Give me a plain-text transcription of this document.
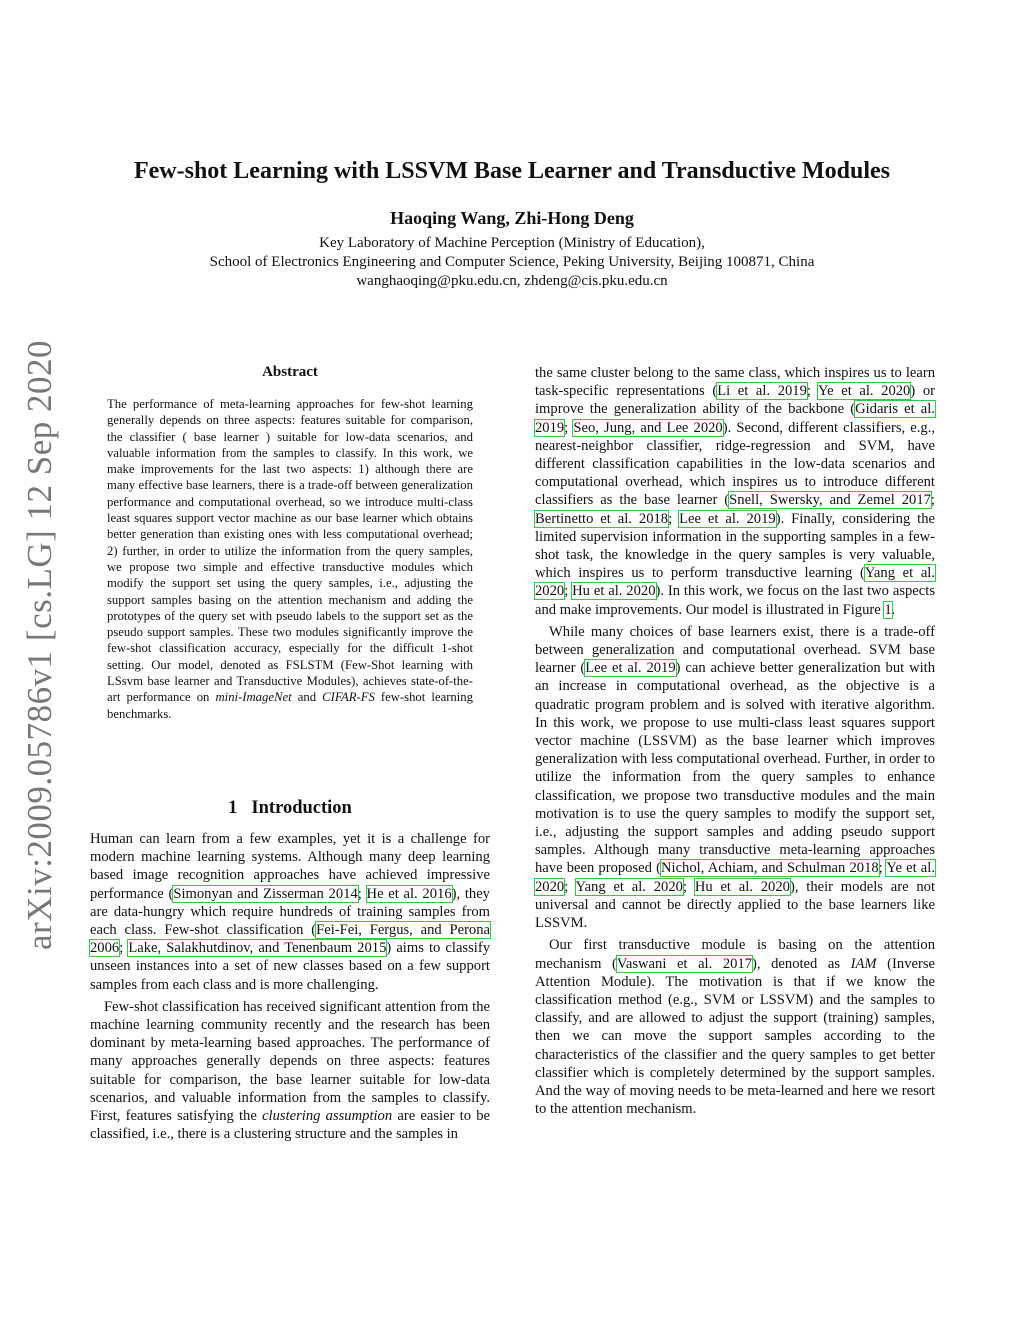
arXiv:2009.05786v1 [cs.LG] 12 Sep 2020
Few-shot Learning with LSSVM Base Learner and Transductive Modules
Haoqing Wang, Zhi-Hong Deng
Key Laboratory of Machine Perception (Ministry of Education),
School of Electronics Engineering and Computer Science, Peking University, Beijing 100871, China
wanghaoqing@pku.edu.cn, zhdeng@cis.pku.edu.cn
Abstract
The performance of meta-learning approaches for few-shot learning generally depends on three aspects: features suitable for comparison, the classifier ( base learner ) suitable for low-data scenarios, and valuable information from the samples to classify. In this work, we make improvements for the last two aspects: 1) although there are many effective base learners, there is a trade-off between generalization performance and computational overhead, so we introduce multi-class least squares support vector machine as our base learner which obtains better generation than existing ones with less computational overhead; 2) further, in order to utilize the information from the query samples, we propose two simple and effective transductive modules which modify the support set using the query samples, i.e., adjusting the support samples basing on the attention mechanism and adding the prototypes of the query set with pseudo labels to the support set as the pseudo support samples. These two modules significantly improve the few-shot classification accuracy, especially for the difficult 1-shot setting. Our model, denoted as FSLSTM (Few-Shot learning with LSsvm base learner and Transductive Modules), achieves state-of-the-art performance on mini-ImageNet and CIFAR-FS few-shot learning benchmarks.
1 Introduction

Human can learn from a few examples, yet it is a challenge for modern machine learning systems. Although many deep learning based image recognition approaches have achieved impressive performance (Simonyan and Zisserman 2014; He et al. 2016), they are data-hungry which require hundreds of training samples from each class. Few-shot classification (Fei-Fei, Fergus, and Perona 2006; Lake, Salakhutdinov, and Tenenbaum 2015) aims to classify unseen instances into a set of new classes based on a few support samples from each class and is more challenging.

Few-shot classification has received significant attention from the machine learning community recently and the research has been dominant by meta-learning based approaches. The performance of many approaches generally depends on three aspects: features suitable for comparison, the base learner suitable for low-data scenarios, and valuable information from the samples to classify. First, features satisfying the clustering assumption are easier to be classified, i.e., there is a clustering structure and the samples in

the same cluster belong to the same class, which inspires us to learn task-specific representations (Li et al. 2019; Ye et al. 2020) or improve the generalization ability of the backbone (Gidaris et al. 2019; Seo, Jung, and Lee 2020). Second, different classifiers, e.g., nearest-neighbor classifier, ridge-regression and SVM, have different classification capabilities in the low-data scenarios and computational overhead, which inspires us to introduce different classifiers as the base learner (Snell, Swersky, and Zemel 2017; Bertinetto et al. 2018; Lee et al. 2019). Finally, considering the limited supervision information in the supporting samples in a few-shot task, the knowledge in the query samples is very valuable, which inspires us to perform transductive learning (Yang et al. 2020; Hu et al. 2020). In this work, we focus on the last two aspects and make improvements. Our model is illustrated in Figure 1.

While many choices of base learners exist, there is a trade-off between generalization and computational overhead. SVM base learner (Lee et al. 2019) can achieve better generalization but with an increase in computational overhead, as the objective is a quadratic program problem and is solved with iterative algorithm. In this work, we propose to use multi-class least squares support vector machine (LSSVM) as the base learner which improves generalization with less computational overhead. Further, in order to utilize the information from the query samples to enhance classification, we propose two transductive modules and the main motivation is to use the query samples to modify the support set, i.e., adjusting the support samples and adding pseudo support samples. Although many transductive meta-learning approaches have been proposed (Nichol, Achiam, and Schulman 2018; Ye et al. 2020; Yang et al. 2020; Hu et al. 2020), their models are not universal and cannot be directly applied to the base learners like LSSVM.

Our first transductive module is basing on the attention mechanism (Vaswani et al. 2017), denoted as IAM (Inverse Attention Module). The motivation is that if we know the classification method (e.g., SVM or LSSVM) and the samples to classify, and are allowed to adjust the support (training) samples, then we can move the support samples according to the characteristics of the classifier and the query samples to get better classifier which is completely determined by the support samples. And the way of moving needs to be meta-learned and here we resort to the attention mechanism.
